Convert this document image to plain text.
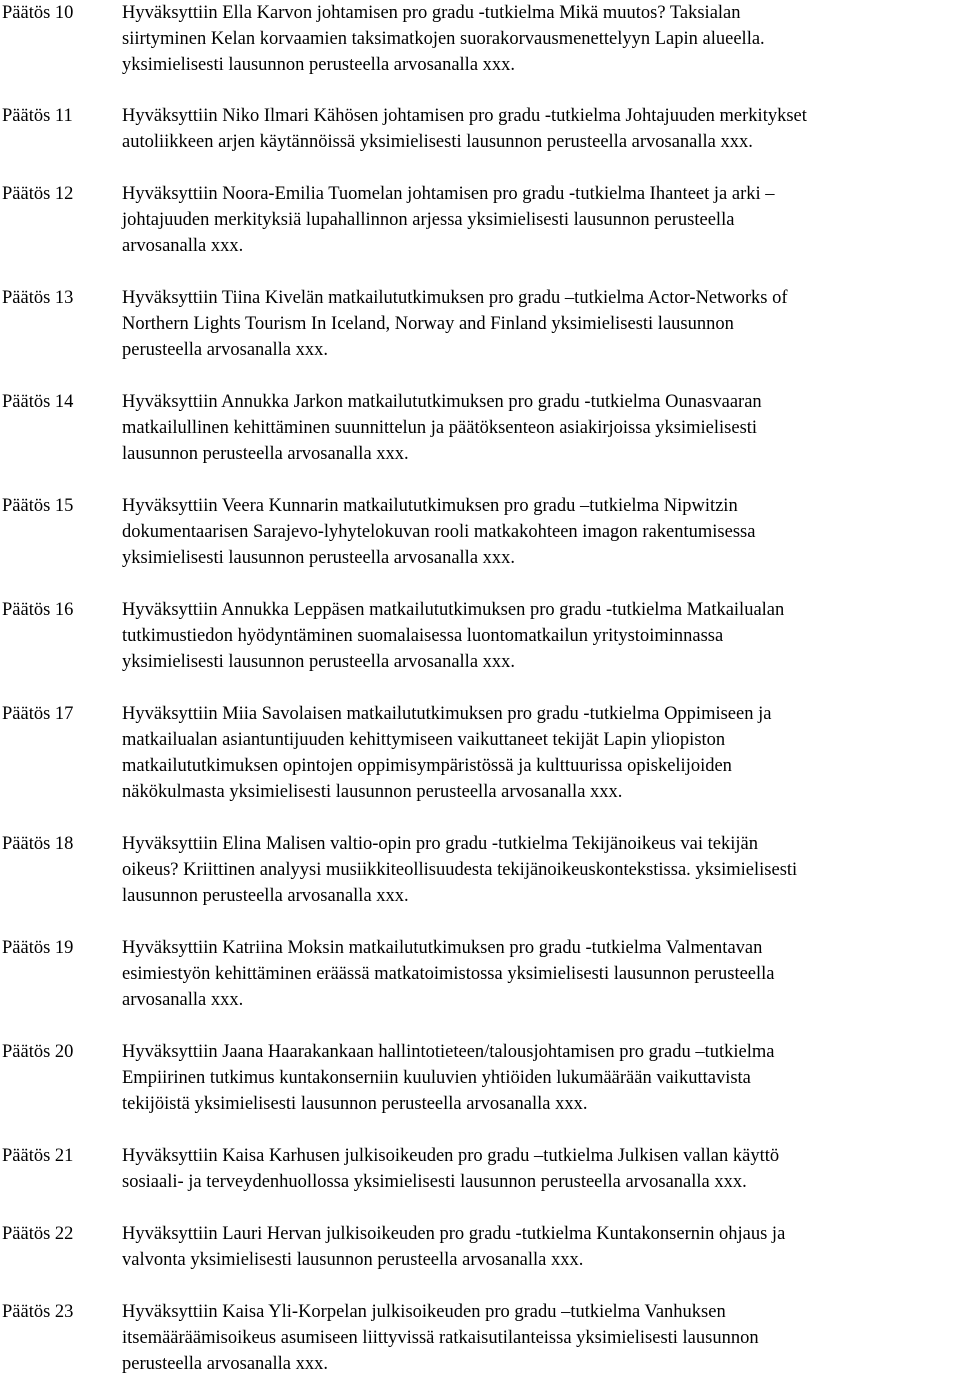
Päätös 10	Hyväksyttiin Ella Karvon johtamisen pro gradu -tutkielma Mikä muutos? Taksialan
siirtyminen Kelan korvaamien taksimatkojen suorakorvausmenettelyyn Lapin alueella.
yksimielisesti lausunnon perusteella arvosanalla xxx.
Päätös 11	Hyväksyttiin Niko Ilmari Kähösen johtamisen pro gradu -tutkielma Johtajuuden merkitykset
autoliikkeen arjen käytännöissä yksimielisesti lausunnon perusteella arvosanalla xxx.
Päätös 12	Hyväksyttiin Noora-Emilia Tuomelan johtamisen pro gradu -tutkielma Ihanteet ja arki –
johtajuuden merkityksiä lupahallinnon arjessa yksimielisesti lausunnon perusteella
arvosanalla xxx.
Päätös 13	Hyväksyttiin Tiina Kivelän matkailututkimuksen pro gradu –tutkielma Actor-Networks of
Northern Lights Tourism In Iceland, Norway and Finland yksimielisesti lausunnon
perusteella arvosanalla xxx.
Päätös 14	Hyväksyttiin Annukka Jarkon matkailututkimuksen pro gradu -tutkielma Ounasvaaran
matkailullinen kehittäminen suunnittelun ja päätöksenteon asiakirjoissa yksimielisesti
lausunnon perusteella arvosanalla xxx.
Päätös 15	Hyväksyttiin Veera Kunnarin matkailututkimuksen pro gradu –tutkielma Nipwitzin
dokumentaarisen Sarajevo-lyhytelokuvan rooli matkakohteen imagon rakentumisessa
yksimielisesti lausunnon perusteella arvosanalla xxx.
Päätös 16	Hyväksyttiin Annukka Leppäsen matkailututkimuksen pro gradu -tutkielma Matkailualan
tutkimustiedon hyödyntäminen suomalaisessa luontomatkailun yritystoiminnassa
yksimielisesti lausunnon perusteella arvosanalla xxx.
Päätös 17	Hyväksyttiin Miia Savolaisen matkailututkimuksen pro gradu -tutkielma Oppimiseen ja
matkailualan asiantuntijuuden kehittymiseen vaikuttaneet tekijät Lapin yliopiston
matkailututkimuksen opintojen oppimisympäristössä ja kulttuurissa opiskelijoiden
näkökulmasta yksimielisesti lausunnon perusteella arvosanalla xxx.
Päätös 18	Hyväksyttiin Elina Malisen valtio-opin pro gradu -tutkielma Tekijänoikeus vai tekijän
oikeus? Kriittinen analyysi musiikkiteollisuudesta tekijänoikeuskontekstissa. yksimielisesti
lausunnon perusteella arvosanalla xxx.
Päätös 19	Hyväksyttiin Katriina Moksin matkailututkimuksen pro gradu -tutkielma Valmentavan
esimiestyön kehittäminen eräässä matkatoimistossa yksimielisesti lausunnon perusteella
arvosanalla xxx.
Päätös 20	Hyväksyttiin Jaana Haarakankaan hallintotieteen/talousjohtamisen pro gradu –tutkielma
Empiirinen tutkimus kuntakonserniin kuuluvien yhtiöiden lukumäärään vaikuttavista
tekijöistä yksimielisesti lausunnon perusteella arvosanalla xxx.
Päätös 21	Hyväksyttiin Kaisa Karhusen julkisoikeuden pro gradu –tutkielma Julkisen vallan käyttö
sosiaali- ja terveydenhuollossa yksimielisesti lausunnon perusteella arvosanalla xxx.
Päätös 22	Hyväksyttiin Lauri Hervan julkisoikeuden pro gradu -tutkielma Kuntakonsernin ohjaus ja
valvonta yksimielisesti lausunnon perusteella arvosanalla xxx.
Päätös 23	Hyväksyttiin Kaisa Yli-Korpelan julkisoikeuden pro gradu –tutkielma Vanhuksen
itsemääräämisoikeus asumiseen liittyvissä ratkaisutilanteissa yksimielisesti lausunnon
perusteella arvosanalla xxx.
